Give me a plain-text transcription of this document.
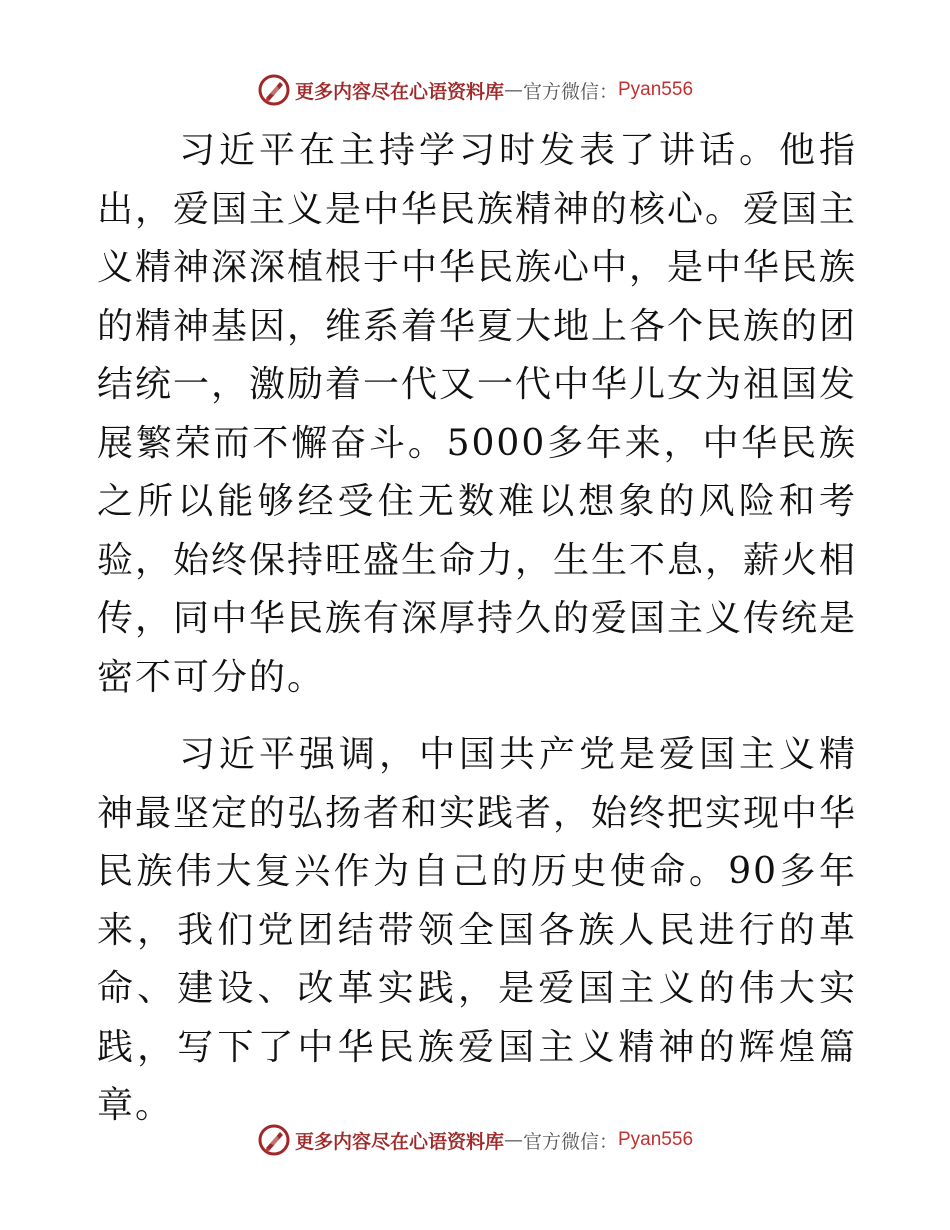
更多内容尽在心语资料库 — 官方微信： Pyan556

习近平在主持学习时发表了讲话。他指出，爱国主义是中华民族精神的核心。爱国主义精神深深植根于中华民族心中，是中华民族的精神基因，维系着华夏大地上各个民族的团结统一，激励着一代又一代中华儿女为祖国发展繁荣而不懈奋斗。5000多年来，中华民族之所以能够经受住无数难以想象的风险和考验，始终保持旺盛生命力，生生不息，薪火相传，同中华民族有深厚持久的爱国主义传统是密不可分的。

习近平强调，中国共产党是爱国主义精神最坚定的弘扬者和实践者，始终把实现中华民族伟大复兴作为自己的历史使命。90多年来，我们党团结带领全国各族人民进行的革命、建设、改革实践，是爱国主义的伟大实践，写下了中华民族爱国主义精神的辉煌篇章。

更多内容尽在心语资料库 — 官方微信： Pyan556
